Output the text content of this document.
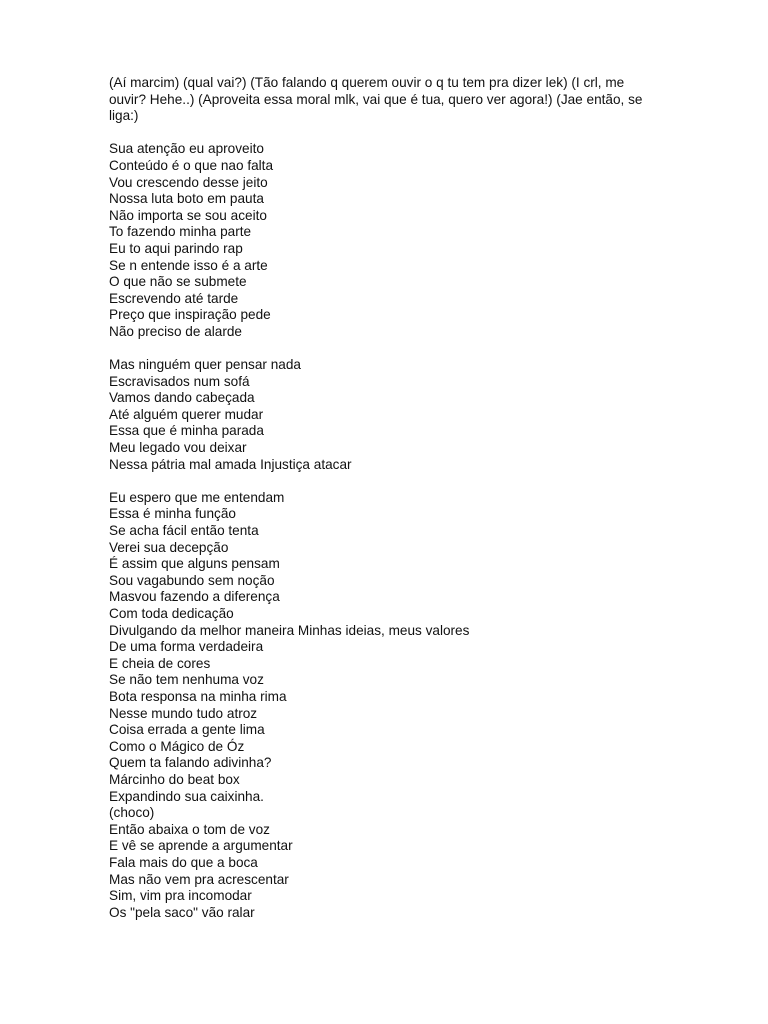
(Aí marcim) (qual vai?) (Tão falando q querem ouvir o q tu tem pra dizer lek) (I crl, me ouvir? Hehe..) (Aproveita essa moral mlk, vai que é tua, quero ver agora!) (Jae então, se liga:)

Sua atenção eu aproveito
Conteúdo é o que nao falta
Vou crescendo desse jeito
Nossa luta boto em pauta
Não importa se sou aceito
To fazendo minha parte
Eu to aqui parindo rap
Se n entende isso é a arte
O que não se submete
Escrevendo até tarde
Preço que inspiração pede
Não preciso de alarde
Mas ninguém quer pensar nada
Escravisados num sofá
Vamos dando cabeçada
Até alguém querer mudar
Essa que é minha parada
Meu legado vou deixar
Nessa pátria mal amada Injustiça atacar
Eu espero que me entendam
Essa é minha função
Se acha fácil então tenta
Verei sua decepção
É assim que alguns pensam
Sou vagabundo sem noção
Masvou fazendo a diferença
Com toda dedicação
Divulgando da melhor maneira Minhas ideias, meus valores
De uma forma verdadeira
E cheia de cores
Se não tem nenhuma voz
Bota responsa na minha rima
Nesse mundo tudo atroz
Coisa errada a gente lima
Como o Mágico de Óz
Quem ta falando adivinha?
Márcinho do beat box
Expandindo sua caixinha.
(choco)
Então abaixa o tom de voz
E vê se aprende a argumentar
Fala mais do que a boca
Mas não vem pra acrescentar
Sim, vim pra incomodar
Os "pela saco" vão ralar
